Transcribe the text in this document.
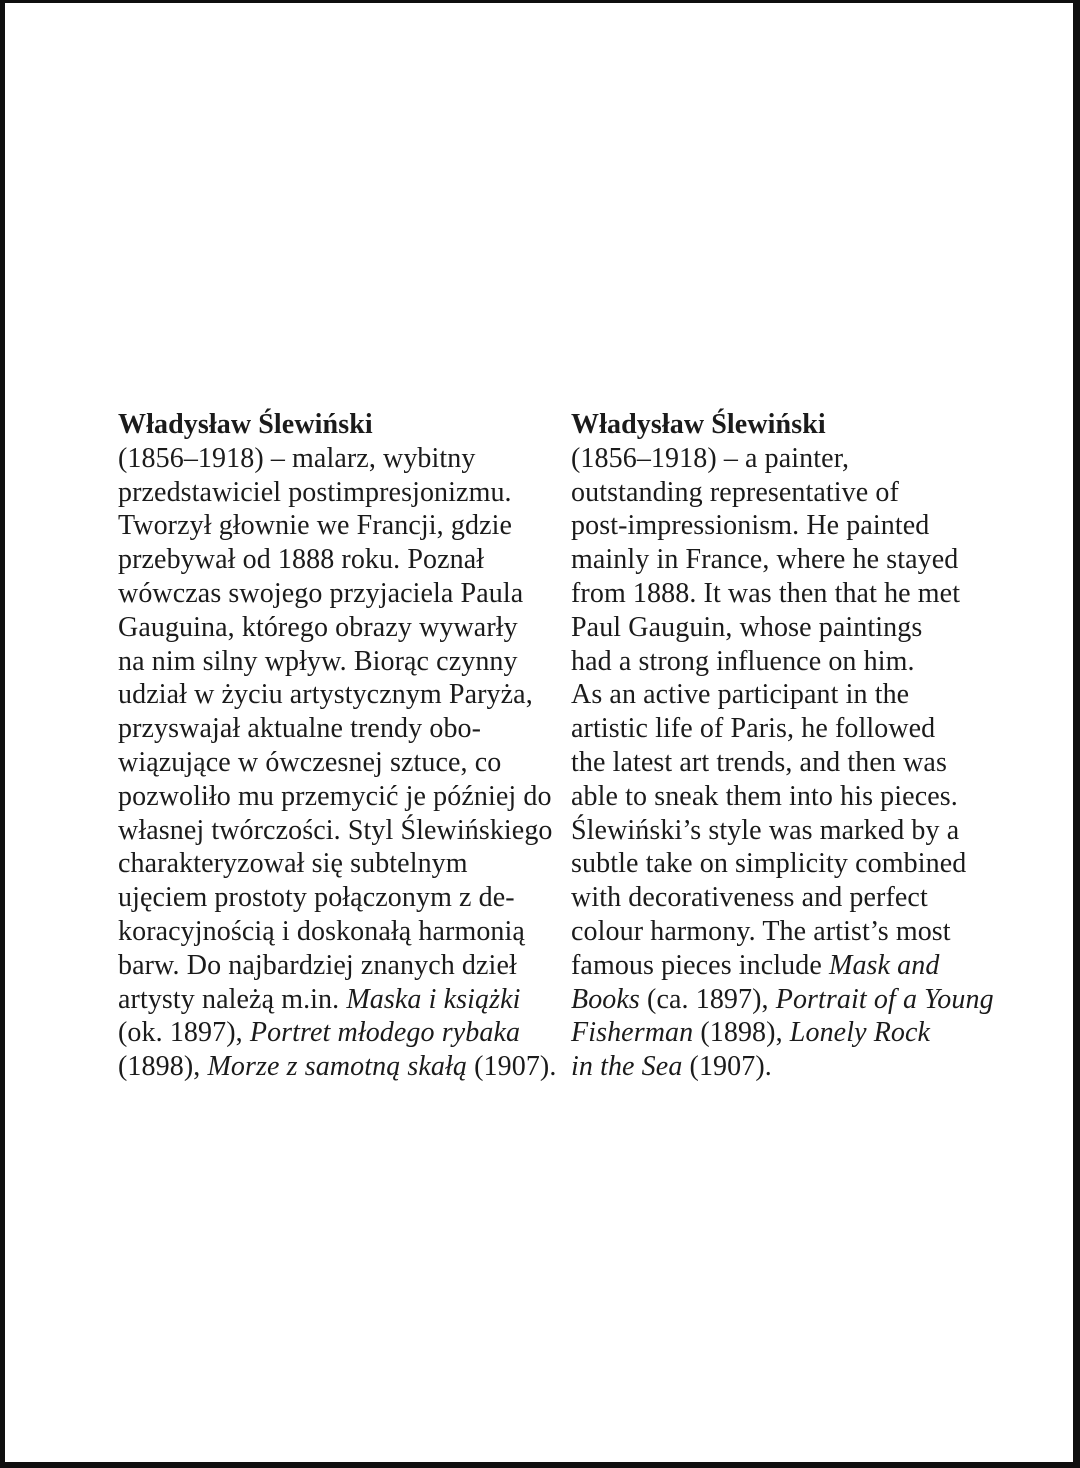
Władysław Ślewiński
(1856–1918) – malarz, wybitny
przedstawiciel postimpresjonizmu.
Tworzył głownie we Francji, gdzie
przebywał od 1888 roku. Poznał
wówczas swojego przyjaciela Paula
Gauguina, którego obrazy wywarły
na nim silny wpływ. Biorąc czynny
udział w życiu artystycznym Paryża,
przyswajał aktualne trendy obo-
wiązujące w ówczesnej sztuce, co
pozwoliło mu przemycić je później do
własnej twórczości. Styl Ślewińskiego
charakteryzował się subtelnym
ujęciem prostoty połączonym z de-
koracyjnością i doskonałą harmonią
barw. Do najbardziej znanych dzieł
artysty należą m.in. Maska i książki
(ok. 1897), Portret młodego rybaka
(1898), Morze z samotną skałą (1907).
Władysław Ślewiński
(1856–1918) – a painter,
outstanding representative of
post-impressionism. He painted
mainly in France, where he stayed
from 1888. It was then that he met
Paul Gauguin, whose paintings
had a strong influence on him.
As an active participant in the
artistic life of Paris, he followed
the latest art trends, and then was
able to sneak them into his pieces.
Ślewiński’s style was marked by a
subtle take on simplicity combined
with decorativeness and perfect
colour harmony. The artist’s most
famous pieces include Mask and
Books (ca. 1897), Portrait of a Young
Fisherman (1898), Lonely Rock
in the Sea (1907).
